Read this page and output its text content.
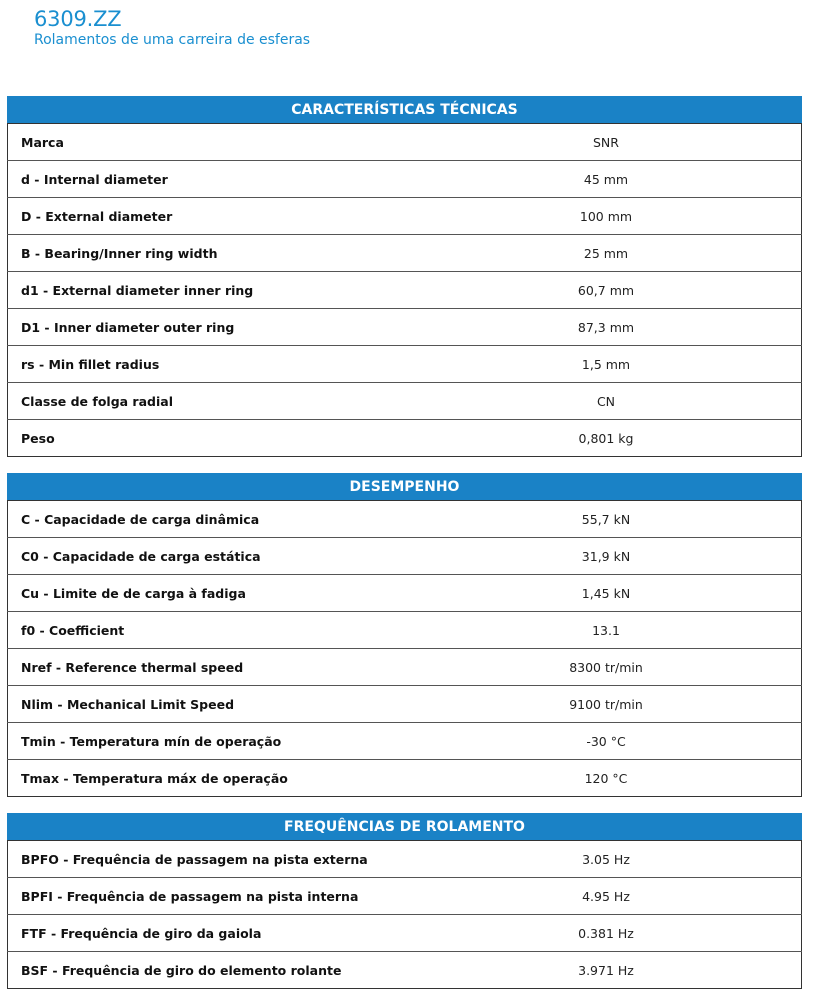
6309.ZZ
Rolamentos de uma carreira de esferas
CARACTERÍSTICAS TÉCNICAS
Marca	SNR
d - Internal diameter	45 mm
D - External diameter	100 mm
B - Bearing/Inner ring width	25 mm
d1 - External diameter inner ring	60,7 mm
D1 - Inner diameter outer ring	87,3 mm
rs - Min fillet radius	1,5 mm
Classe de folga radial	CN
Peso	0,801 kg
DESEMPENHO
C - Capacidade de carga dinâmica	55,7 kN
C0 - Capacidade de carga estática	31,9 kN
Cu - Limite de de carga à fadiga	1,45 kN
f0 - Coefficient	13.1
Nref - Reference thermal speed	8300 tr/min
Nlim - Mechanical Limit Speed	9100 tr/min
Tmin - Temperatura mín de operação	-30 °C
Tmax - Temperatura máx de operação	120 °C
FREQUÊNCIAS DE ROLAMENTO
BPFO - Frequência de passagem na pista externa	3.05 Hz
BPFI - Frequência de passagem na pista interna	4.95 Hz
FTF - Frequência de giro da gaiola	0.381 Hz
BSF - Frequência de giro do elemento rolante	3.971 Hz
